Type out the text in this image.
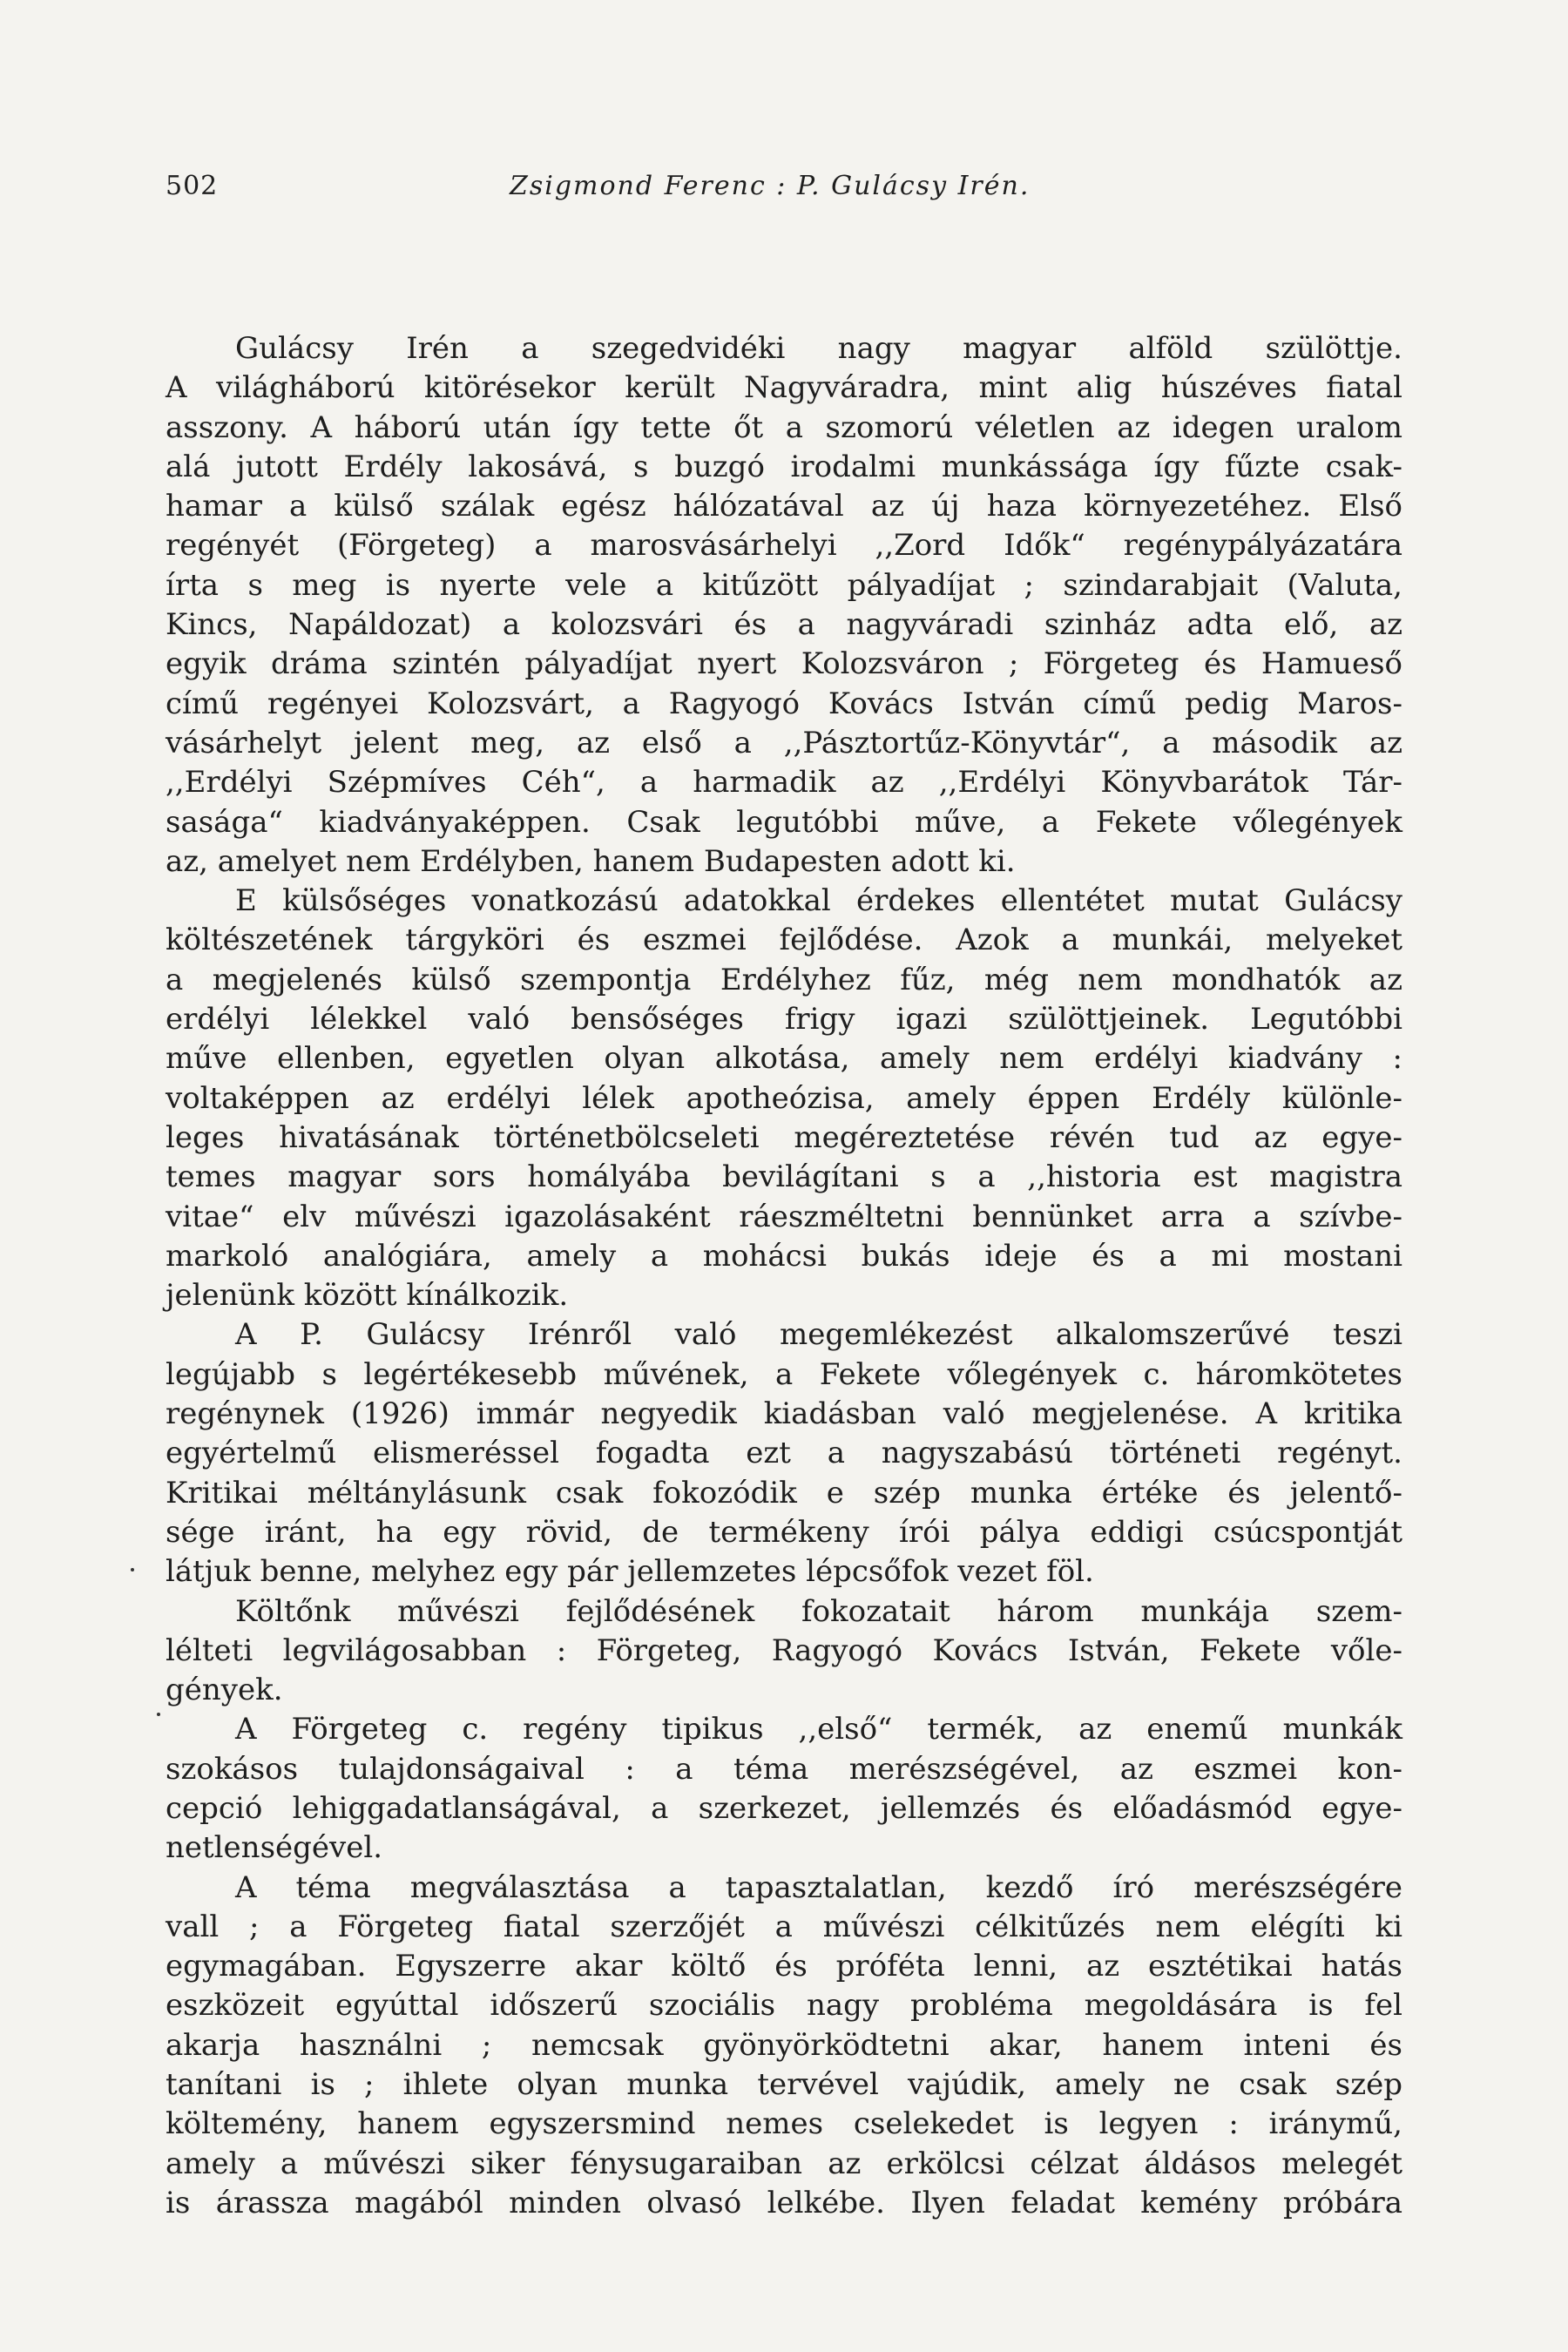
502	Zsigmond Ferenc : P. Gulácsy Irén.
Gulácsy Irén a szegedvidéki nagy magyar alföld szülöttje.
A világháború kitörésekor került Nagyváradra, mint alig húszéves fiatal
asszony. A háború után így tette őt a szomorú véletlen az idegen uralom
alá jutott Erdély lakosává, s buzgó irodalmi munkássága így fűzte csak-
hamar a külső szálak egész hálózatával az új haza környezetéhez. Első
regényét (Förgeteg) a marosvásárhelyi ,,Zord Idők“ regénypályázatára
írta s meg is nyerte vele a kitűzött pályadíjat ; szindarabjait (Valuta,
Kincs, Napáldozat) a kolozsvári és a nagyváradi szinház adta elő, az
egyik dráma szintén pályadíjat nyert Kolozsváron ; Förgeteg és Hamueső
című regényei Kolozsvárt, a Ragyogó Kovács István című pedig Maros-
vásárhelyt jelent meg, az első a ,,Pásztortűz-Könyvtár“, a második az
,,Erdélyi Szépmíves Céh“, a harmadik az ,,Erdélyi Könyvbarátok Tár-
sasága“ kiadványaképpen. Csak legutóbbi műve, a Fekete vőlegények
az, amelyet nem Erdélyben, hanem Budapesten adott ki.
E külsőséges vonatkozású adatokkal érdekes ellentétet mutat Gulácsy
költészetének tárgyköri és eszmei fejlődése. Azok a munkái, melyeket
a megjelenés külső szempontja Erdélyhez fűz, még nem mondhatók az
erdélyi lélekkel való bensőséges frigy igazi szülöttjeinek. Legutóbbi
műve ellenben, egyetlen olyan alkotása, amely nem erdélyi kiadvány :
voltaképpen az erdélyi lélek apotheózisa, amely éppen Erdély különle-
leges hivatásának történetbölcseleti megéreztetése révén tud az egye-
temes magyar sors homályába bevilágítani s a ,,historia est magistra
vitae“ elv művészi igazolásaként ráeszméltetni bennünket arra a szívbe-
markoló analógiára, amely a mohácsi bukás ideje és a mi mostani
jelenünk között kínálkozik.
A P. Gulácsy Irénről való megemlékezést alkalomszerűvé teszi
legújabb s legértékesebb művének, a Fekete vőlegények c. háromkötetes
regénynek (1926) immár negyedik kiadásban való megjelenése. A kritika
egyértelmű elismeréssel fogadta ezt a nagyszabású történeti regényt.
Kritikai méltánylásunk csak fokozódik e szép munka értéke és jelentő-
sége iránt, ha egy rövid, de termékeny írói pálya eddigi csúcspontját
látjuk benne, melyhez egy pár jellemzetes lépcsőfok vezet föl.
Költőnk művészi fejlődésének fokozatait három munkája szem-
lélteti legvilágosabban : Förgeteg, Ragyogó Kovács István, Fekete vőle-
gények.
A Förgeteg c. regény tipikus ,,első“ termék, az enemű munkák
szokásos tulajdonságaival : a téma merészségével, az eszmei kon-
cepció lehiggadatlanságával, a szerkezet, jellemzés és előadásmód egye-
netlenségével.
A téma megválasztása a tapasztalatlan, kezdő író merészségére
vall ; a Förgeteg fiatal szerzőjét a művészi célkitűzés nem elégíti ki
egymagában. Egyszerre akar költő és próféta lenni, az esztétikai hatás
eszközeit egyúttal időszerű szociális nagy probléma megoldására is fel
akarja használni ; nemcsak gyönyörködtetni akar, hanem inteni és
tanítani is ; ihlete olyan munka tervével vajúdik, amely ne csak szép
költemény, hanem egyszersmind nemes cselekedet is legyen : iránymű,
amely a művészi siker fénysugaraiban az erkölcsi célzat áldásos melegét
is árassza magából minden olvasó lelkébe. Ilyen feladat kemény próbára
